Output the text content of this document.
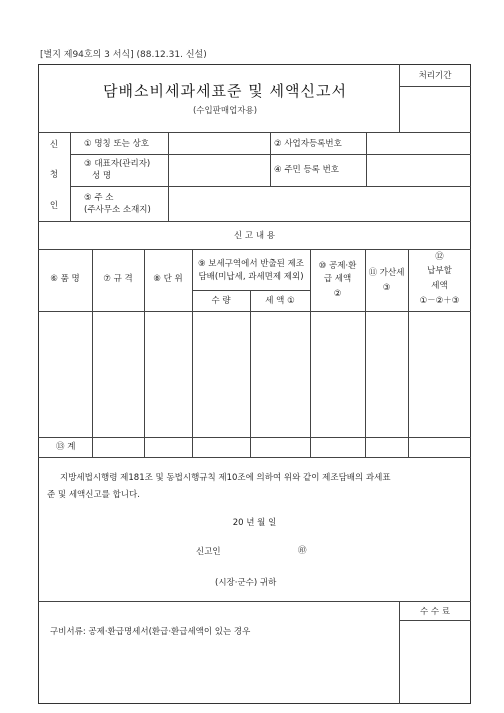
[별지 제94호의 3 서식] (88.12.31. 신설)
담배소비세과세표준 및 세액신고서
(수입판매업자용)
처리기간
신
청
인
① 명칭 또는 상호	② 사업자등록번호
③ 대표자(관리자)
성 명
④ 주민 등록 번호
⑤ 주 소
(주사무소 소재지)
신 고 내 용
⑥ 품 명	⑦ 규 격	⑧ 단 위
⑨ 보세구역에서 반출된 제조
담배(미납세, 과세면제 제외)
수 량	세 액 ①
⑩ 공제·환
급 세액
②
⑪ 가산세
③
⑫
납부할
세액
①－②＋③
⑬ 계
지방세법시행령 제181조 및 동법시행규칙 제10조에 의하여 위와 같이 제조담배의 과세표
준 및 세액신고를 합니다.
20 년 월 일
신고인	㊞
(시장·군수) 귀하
수 수 료
구비서류: 공제·환급명세서(환급·환급세액이 있는 경우
